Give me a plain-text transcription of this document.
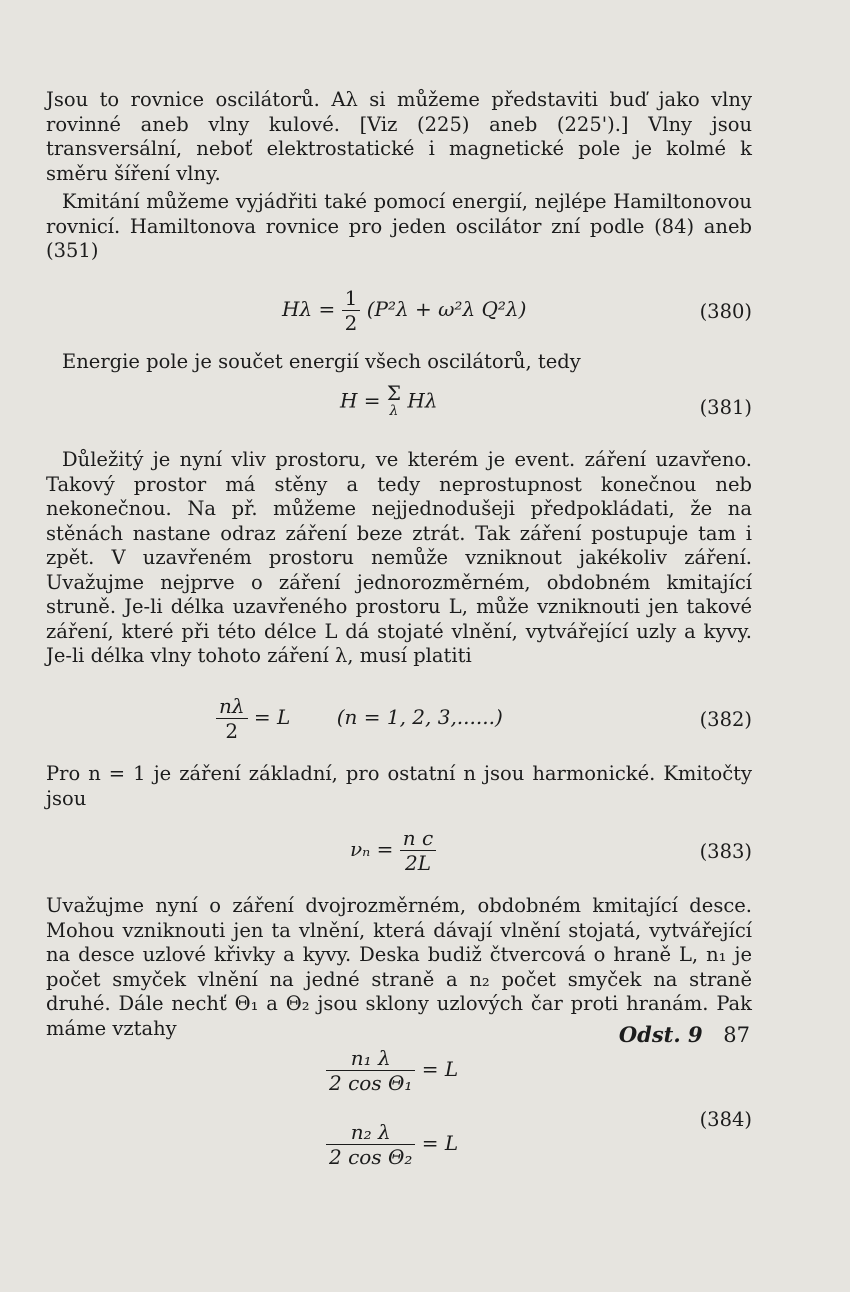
Jsou to rovnice oscilátorů. Aλ si můžeme představiti buď jako vlny rovinné aneb vlny kulové. [Viz (225) aneb (225').] Vlny jsou transversální, neboť elektrostatické i magnetické pole je kolmé k směru šíření vlny.

Kmitání můžeme vyjádřiti také pomocí energií, nejlépe Hamiltonovou rovnicí. Hamiltonova rovnice pro jeden oscilátor zní podle (84) aneb (351)

$H\lambda = \frac{1}{2} (P^2\lambda + \omega^2\lambda$ Q²λ)	(380)

Energie pole je součet energií všech oscilátorů, tedy

H = Σ
λ Hλ	(381)

Důležitý je nyní vliv prostoru, ve kterém je event. záření uzavřeno. Takový prostor má stěny a tedy neprostupnost konečnou neb nekonečnou. Na př. můžeme nejjednodušeji předpokládati, že na stěnách nastane odraz záření beze ztrát. Tak záření postupuje tam i zpět. V uzavřeném prostoru nemůže vzniknout jakékoliv záření. Uvažujme nejprve o záření jednorozměrném, obdobném kmitající struně. Je-li délka uzavřeného prostoru L, může vzniknouti jen takové záření, které při této délce L dá stojaté vlnění, vytvářející uzly a kyvy. Je-li délka vlny tohoto záření λ, musí platiti

$\frac{n\lambda}{2} = L$ (n = 1, 2, 3,......)	(382)

Pro n = 1 je záření základní, pro ostatní n jsou harmonické. Kmitočty jsou

$\nu_n = \frac{\text{n c}}{2L}$	(383)

Uvažujme nyní o záření dvojrozměrném, obdobném kmitající desce. Mohou vzniknouti jen ta vlnění, která dávají vlnění stojatá, vytvářející na desce uzlové křivky a kyvy. Deska budiž čtvercová o hraně L, n₁ je počet smyček vlnění na jedné straně a n₂ počet smyček na straně druhé. Dále nechť Θ₁ a Θ₂ jsou sklony uzlových čar proti hranám. Pak máme vztahy

$\frac{\text{n₁ λ}}{\text{2 cos Θ₁}} = L$
$\frac{\text{n₂ λ}}{\text{2 cos Θ₂}} = L$
(384)
Odst. 9 87
